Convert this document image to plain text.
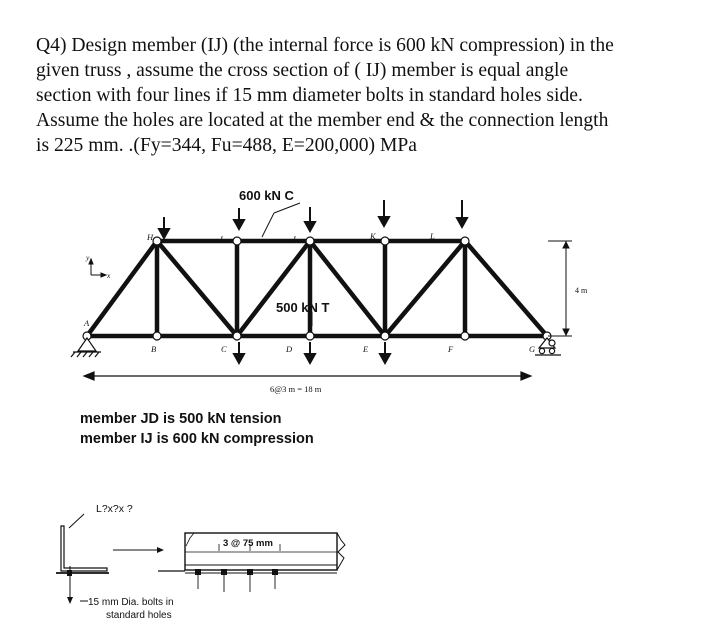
Q4) Design member (IJ) (the internal force is 600 kN compression) in the
given truss , assume the cross section of ( IJ) member is equal angle
section with four lines if 15 mm diameter bolts in standard holes side.
Assume the holes are located at the member end & the connection length
is 225 mm. .(Fy=344, Fu=488, E=200,000) MPa
600 kN C
500 kN T
H	I	J	K	L
A
B	C	D	E	F	G
y
x
4 m
6@3 m = 18 m
L?x?x ?
3 @ 75 mm
15 mm Dia. bolts in
standard holes
member JD is 500 kN tension
member IJ is 600 kN compression
